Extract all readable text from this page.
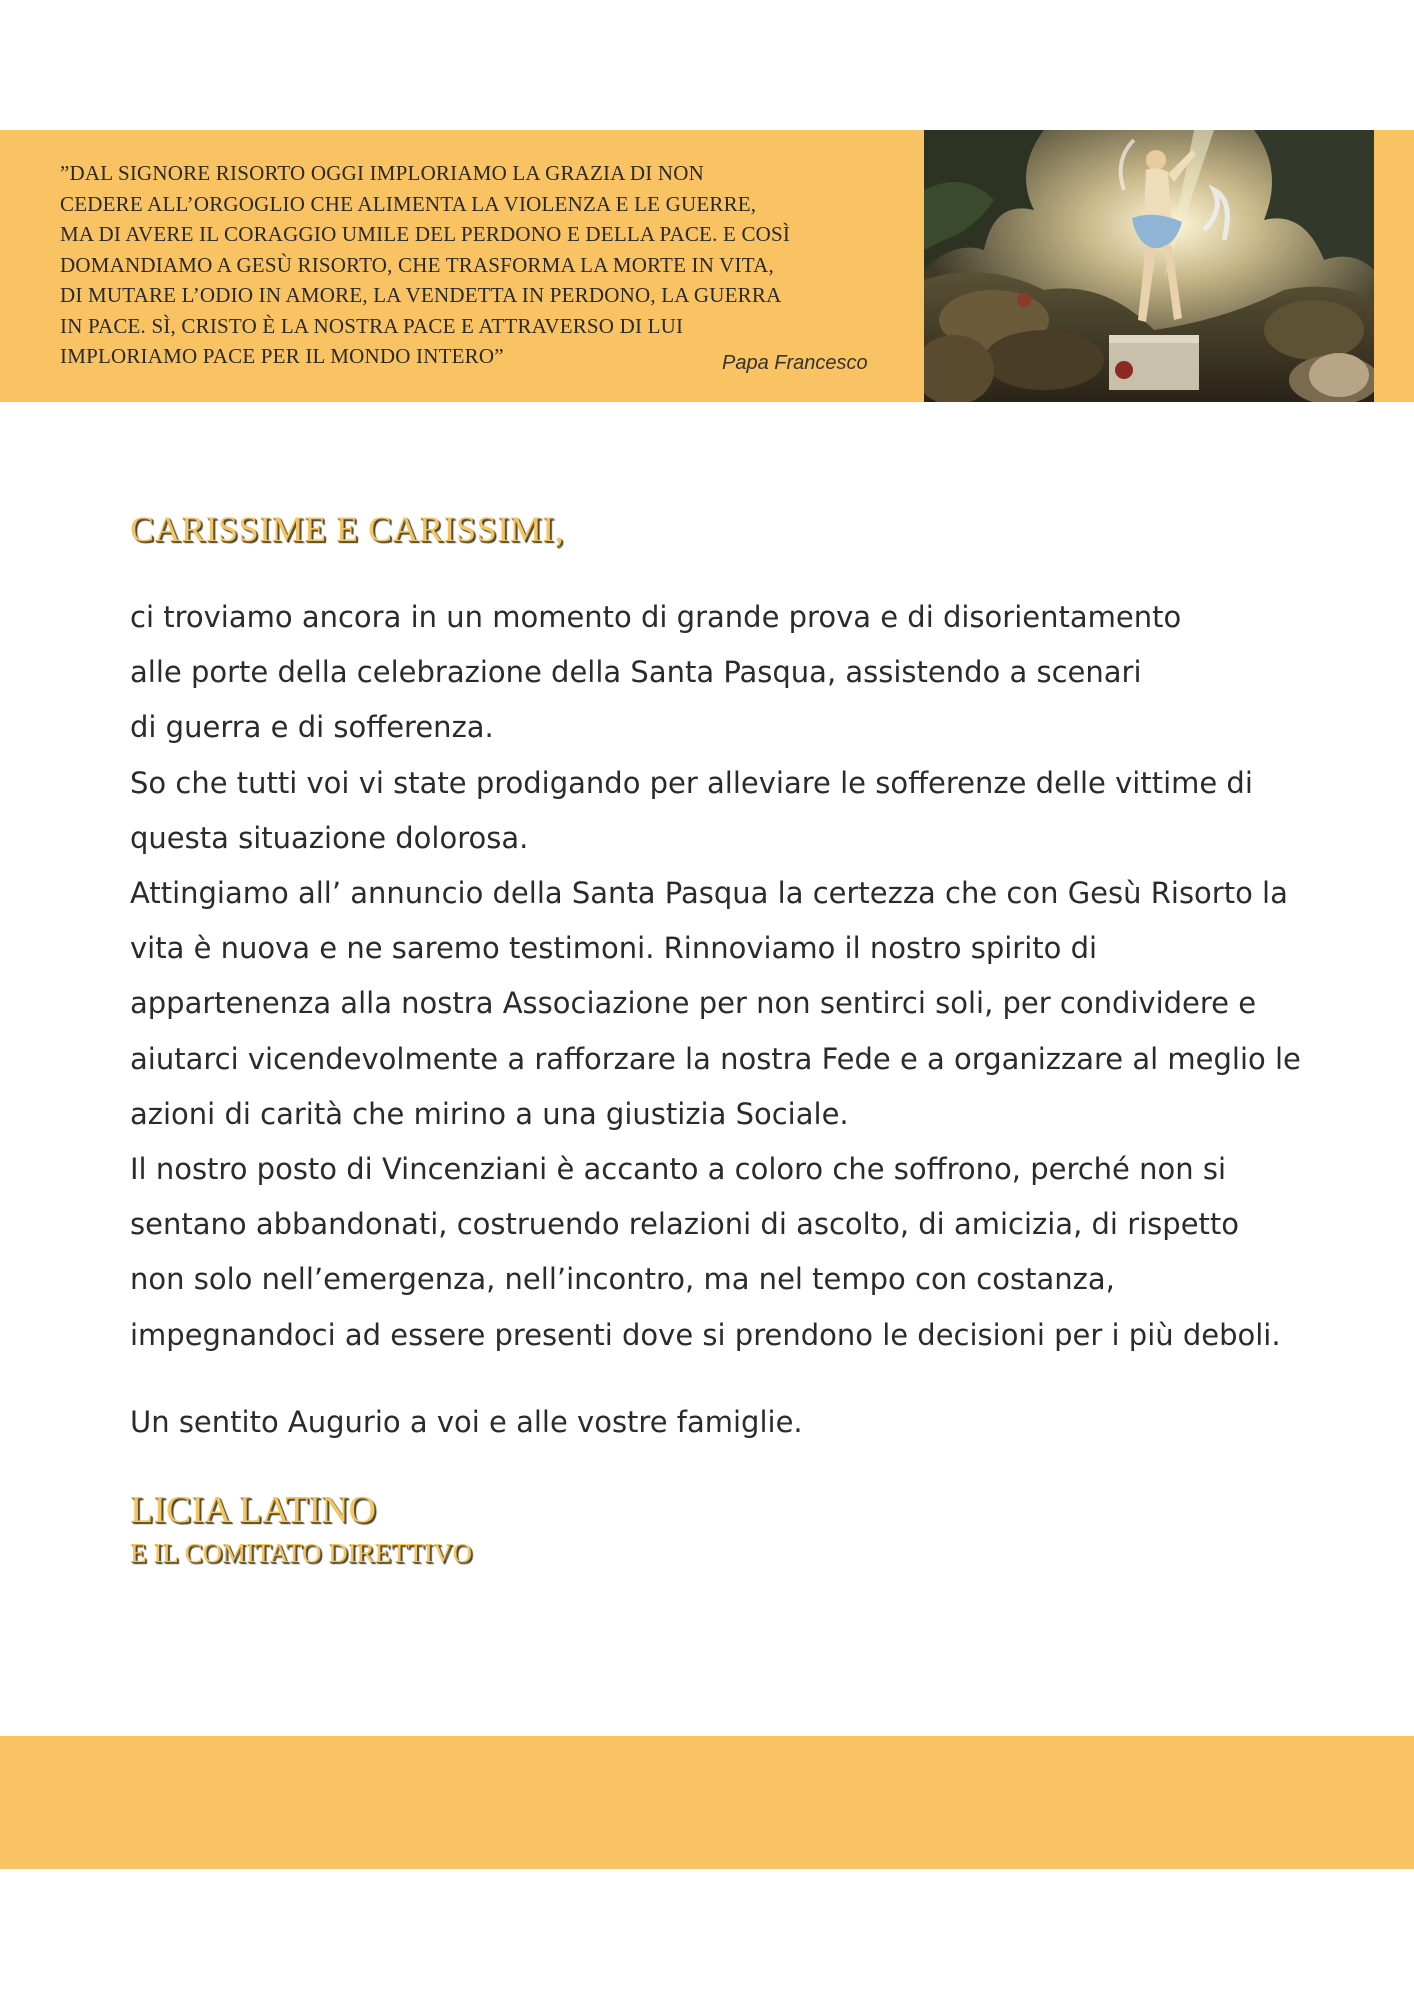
”DAL SIGNORE RISORTO OGGI IMPLORIAMO LA GRAZIA DI NON
CEDERE ALL’ORGOGLIO CHE ALIMENTA LA VIOLENZA E LE GUERRE,
MA DI AVERE IL CORAGGIO UMILE DEL PERDONO E DELLA PACE. E COSÌ
DOMANDIAMO A GESÙ RISORTO, CHE TRASFORMA LA MORTE IN VITA,
DI MUTARE L’ODIO IN AMORE, LA VENDETTA IN PERDONO, LA GUERRA
IN PACE. SÌ, CRISTO È LA NOSTRA PACE E ATTRAVERSO DI LUI
IMPLORIAMO PACE PER IL MONDO INTERO”	Papa Francesco
CARISSIME E CARISSIMI,

ci troviamo ancora in un momento di grande prova e di disorientamento

alle porte della celebrazione della Santa Pasqua, assistendo a scenari

di guerra e di sofferenza.

So che tutti voi vi state prodigando per alleviare le sofferenze delle vittime di

questa situazione dolorosa.

Attingiamo all’ annuncio della Santa Pasqua la certezza che con Gesù Risorto la

vita è nuova e ne saremo testimoni. Rinnoviamo il nostro spirito di

appartenenza alla nostra Associazione per non sentirci soli, per condividere e

aiutarci vicendevolmente a rafforzare la nostra Fede e a organizzare al meglio le

azioni di carità che mirino a una giustizia Sociale.

Il nostro posto di Vincenziani è accanto a coloro che soffrono, perché non si

sentano abbandonati, costruendo relazioni di ascolto, di amicizia, di rispetto

non solo nell’emergenza, nell’incontro, ma nel tempo con costanza,

impegnandoci ad essere presenti dove si prendono le decisioni per i più deboli.

Un sentito Augurio a voi e alle vostre famiglie.

LICIA LATINO

E IL COMITATO DIRETTIVO
